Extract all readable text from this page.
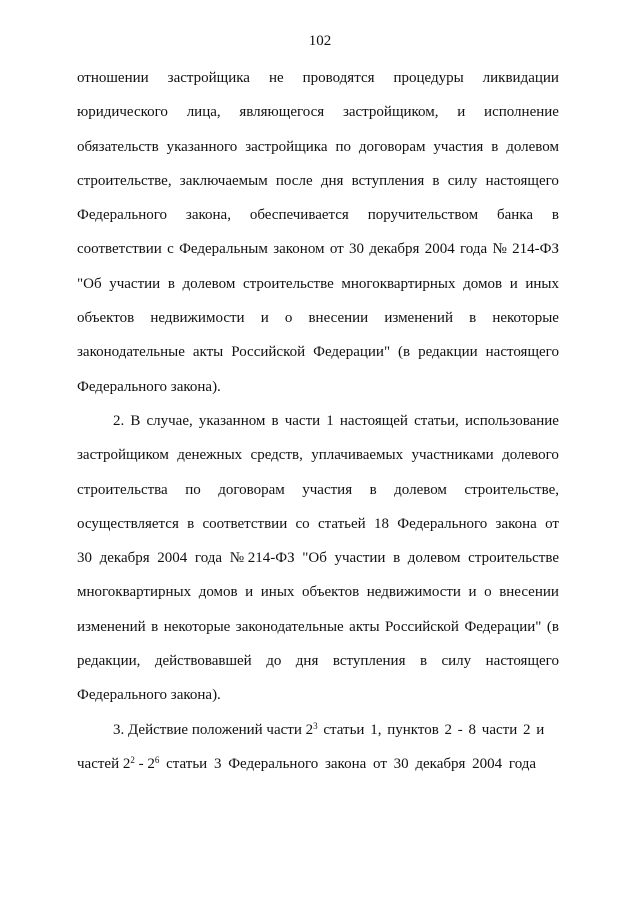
102
отношении застройщика не проводятся процедуры ликвидации
юридического лица, являющегося застройщиком, и исполнение
обязательств указанного застройщика по договорам участия в долевом
строительстве, заключаемым после дня вступления в силу настоящего
Федерального закона, обеспечивается поручительством банка в
соответствии с Федеральным законом от 30 декабря 2004 года № 214-ФЗ
"Об участии в долевом строительстве многоквартирных домов и иных
объектов недвижимости и о внесении изменений в некоторые
законодательные акты Российской Федерации" (в редакции настоящего
Федерального закона).
2. В случае, указанном в части 1 настоящей статьи, использование
застройщиком денежных средств, уплачиваемых участниками долевого
строительства по договорам участия в долевом строительстве,
осуществляется в соответствии со статьей 18 Федерального закона от
30 декабря 2004 года № 214-ФЗ "Об участии в долевом строительстве
многоквартирных домов и иных объектов недвижимости и о внесении
изменений в некоторые законодательные акты Российской Федерации" (в
редакции, действовавшей до дня вступления в силу настоящего
Федерального закона).
3. Действие положений части $2^3$ статьи 1, пунктов 2 - 8 части 2 и
частей $2^2 - 2^6$ статьи 3 Федерального закона от 30 декабря 2004 года
